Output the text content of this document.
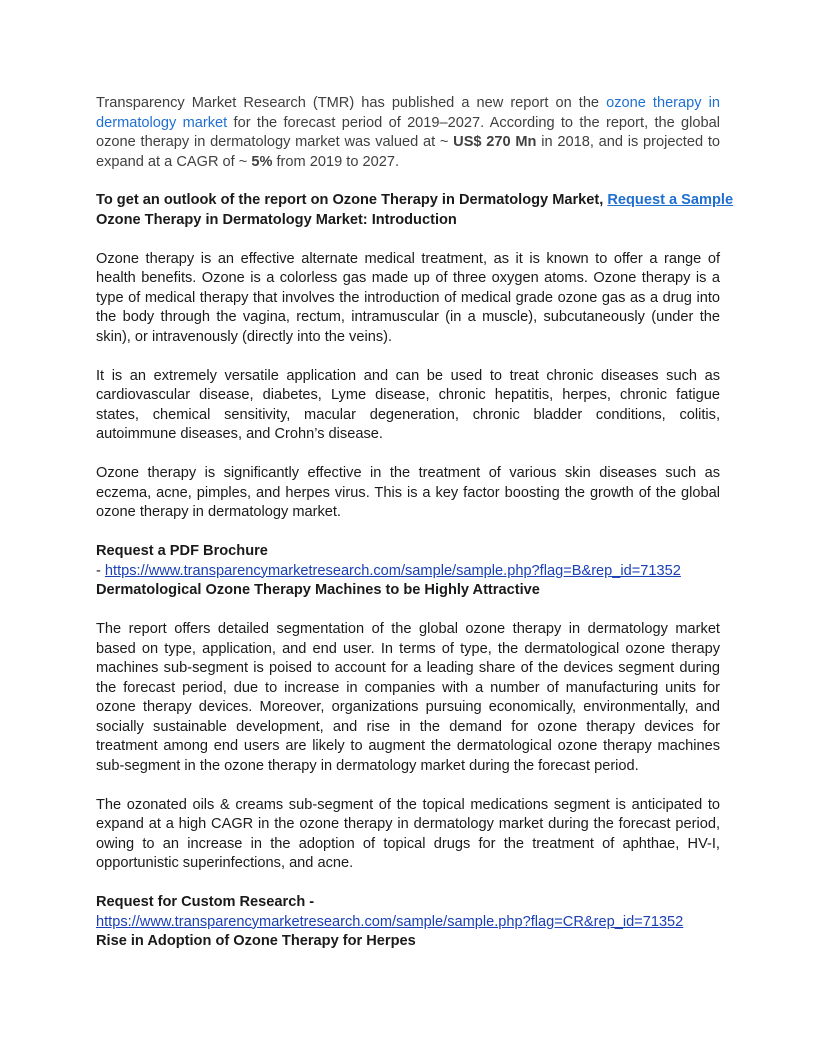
Transparency Market Research (TMR) has published a new report on the ozone therapy in dermatology market for the forecast period of 2019–2027. According to the report, the global ozone therapy in dermatology market was valued at ~ US$ 270 Mn in 2018, and is projected to expand at a CAGR of ~ 5% from 2019 to 2027.

To get an outlook of the report on Ozone Therapy in Dermatology Market, Request a Sample

Ozone Therapy in Dermatology Market: Introduction

Ozone therapy is an effective alternate medical treatment, as it is known to offer a range of health benefits. Ozone is a colorless gas made up of three oxygen atoms. Ozone therapy is a type of medical therapy that involves the introduction of medical grade ozone gas as a drug into the body through the vagina, rectum, intramuscular (in a muscle), subcutaneously (under the skin), or intravenously (directly into the veins).

It is an extremely versatile application and can be used to treat chronic diseases such as cardiovascular disease, diabetes, Lyme disease, chronic hepatitis, herpes, chronic fatigue states, chemical sensitivity, macular degeneration, chronic bladder conditions, colitis, autoimmune diseases, and Crohn’s disease.

Ozone therapy is significantly effective in the treatment of various skin diseases such as eczema, acne, pimples, and herpes virus. This is a key factor boosting the growth of the global ozone therapy in dermatology market.

Request a PDF Brochure

- https://www.transparencymarketresearch.com/sample/sample.php?flag=B&rep_id=71352

Dermatological Ozone Therapy Machines to be Highly Attractive

The report offers detailed segmentation of the global ozone therapy in dermatology market based on type, application, and end user. In terms of type, the dermatological ozone therapy machines sub-segment is poised to account for a leading share of the devices segment during the forecast period, due to increase in companies with a number of manufacturing units for ozone therapy devices. Moreover, organizations pursuing economically, environmentally, and socially sustainable development, and rise in the demand for ozone therapy devices for treatment among end users are likely to augment the dermatological ozone therapy machines sub-segment in the ozone therapy in dermatology market during the forecast period.

The ozonated oils & creams sub-segment of the topical medications segment is anticipated to expand at a high CAGR in the ozone therapy in dermatology market during the forecast period, owing to an increase in the adoption of topical drugs for the treatment of aphthae, HV-I, opportunistic superinfections, and acne.

Request for Custom Research -

https://www.transparencymarketresearch.com/sample/sample.php?flag=CR&rep_id=71352

Rise in Adoption of Ozone Therapy for Herpes
